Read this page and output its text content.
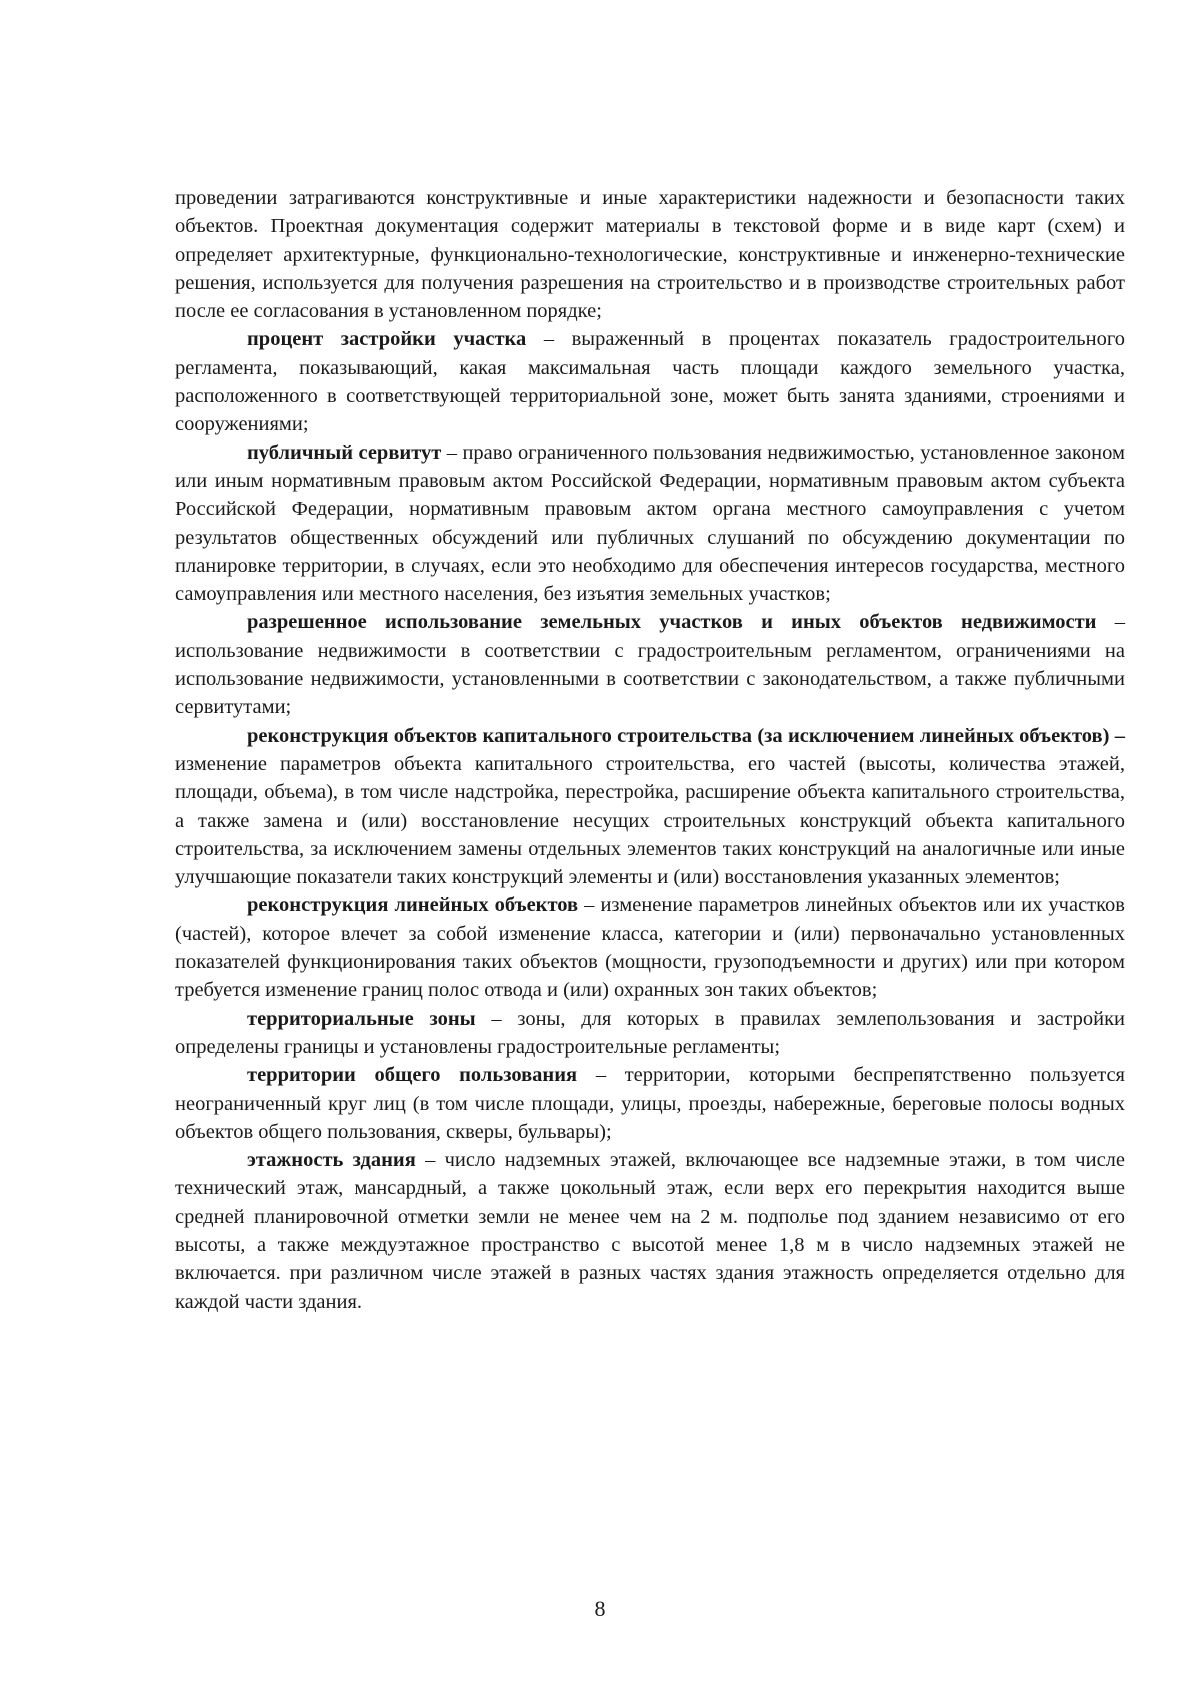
проведении затрагиваются конструктивные и иные характеристики надежности и безопасности таких объектов. Проектная документация содержит материалы в текстовой форме и в виде карт (схем) и определяет архитектурные, функционально-технологические, конструктивные и инженерно-технические решения, используется для получения разрешения на строительство и в производстве строительных работ после ее согласования в установленном порядке;

процент застройки участка – выраженный в процентах показатель градостроительного регламента, показывающий, какая максимальная часть площади каждого земельного участка, расположенного в соответствующей территориальной зоне, может быть занята зданиями, строениями и сооружениями;

публичный сервитут – право ограниченного пользования недвижимостью, установленное законом или иным нормативным правовым актом Российской Федерации, нормативным правовым актом субъекта Российской Федерации, нормативным правовым актом органа местного самоуправления с учетом результатов общественных обсуждений или публичных слушаний по обсуждению документации по планировке территории, в случаях, если это необходимо для обеспечения интересов государства, местного самоуправления или местного населения, без изъятия земельных участков;

разрешенное использование земельных участков и иных объектов недвижимости – использование недвижимости в соответствии с градостроительным регламентом, ограничениями на использование недвижимости, установленными в соответствии с законодательством, а также публичными сервитутами;

реконструкция объектов капитального строительства (за исключением линейных объектов) – изменение параметров объекта капитального строительства, его частей (высоты, количества этажей, площади, объема), в том числе надстройка, перестройка, расширение объекта капитального строительства, а также замена и (или) восстановление несущих строительных конструкций объекта капитального строительства, за исключением замены отдельных элементов таких конструкций на аналогичные или иные улучшающие показатели таких конструкций элементы и (или) восстановления указанных элементов;

реконструкция линейных объектов – изменение параметров линейных объектов или их участков (частей), которое влечет за собой изменение класса, категории и (или) первоначально установленных показателей функционирования таких объектов (мощности, грузоподъемности и других) или при котором требуется изменение границ полос отвода и (или) охранных зон таких объектов;

территориальные зоны – зоны, для которых в правилах землепользования и застройки определены границы и установлены градостроительные регламенты;

территории общего пользования – территории, которыми беспрепятственно пользуется неограниченный круг лиц (в том числе площади, улицы, проезды, набережные, береговые полосы водных объектов общего пользования, скверы, бульвары);

этажность здания – число надземных этажей, включающее все надземные этажи, в том числе технический этаж, мансардный, а также цокольный этаж, если верх его перекрытия находится выше средней планировочной отметки земли не менее чем на 2 м. подполье под зданием независимо от его высоты, а также междуэтажное пространство с высотой менее 1,8 м в число надземных этажей не включается. при различном числе этажей в разных частях здания этажность определяется отдельно для каждой части здания.

8
